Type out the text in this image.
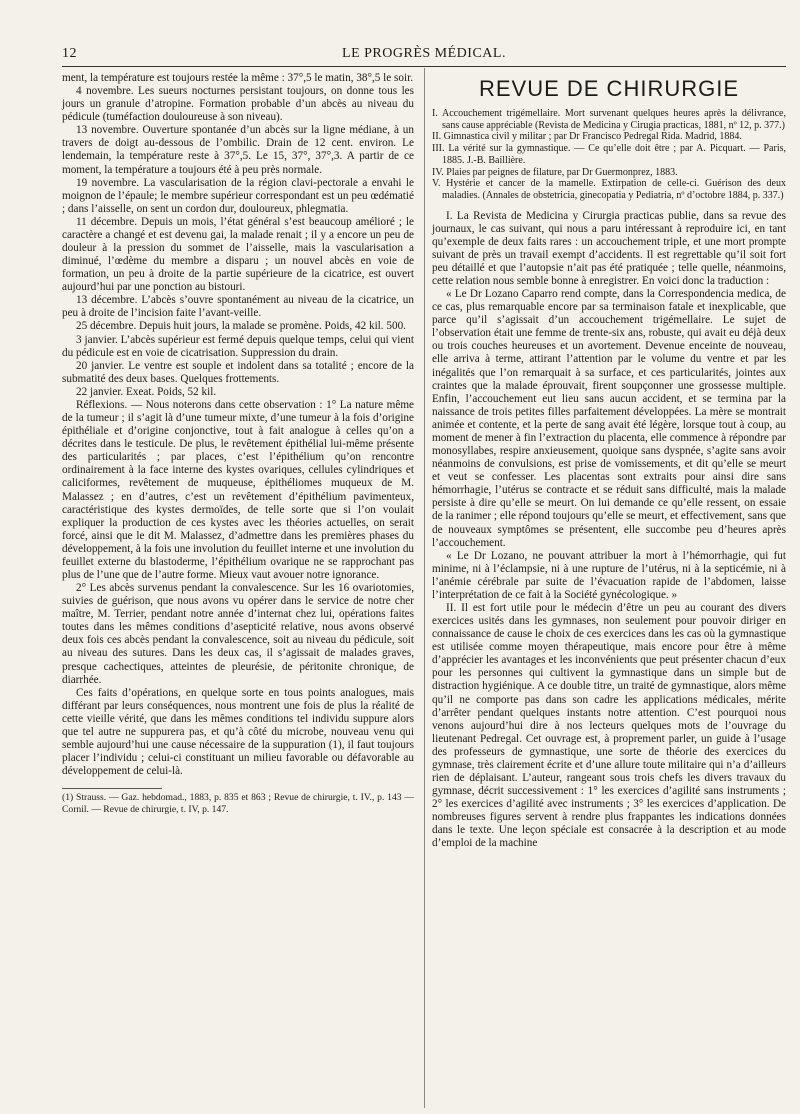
12	LE PROGRÈS MÉDICAL.

ment, la température est toujours restée la même : 37°,5 le matin, 38°,5 le soir.

4 novembre. Les sueurs nocturnes persistant toujours, on donne tous les jours un granule d’atropine. Formation probable d’un abcès au niveau du pédicule (tuméfaction douloureuse à son niveau).

13 novembre. Ouverture spontanée d’un abcès sur la ligne médiane, à un travers de doigt au-dessous de l’ombilic. Drain de 12 cent. environ. Le lendemain, la température reste à 37°,5. Le 15, 37°, 37°,3. A partir de ce moment, la température a toujours été à peu près normale.

19 novembre. La vascularisation de la région clavi-pectorale a envahi le moignon de l’épaule; le membre supérieur correspondant est un peu œdématié ; dans l’aisselle, on sent un cordon dur, douloureux, phlegmatia.

11 décembre. Depuis un mois, l’état général s’est beaucoup amélioré ; le caractère a changé et est devenu gai, la malade renait ; il y a encore un peu de douleur à la pression du sommet de l’aisselle, mais la vascularisation a diminué, l’œdème du membre a disparu ; un nouvel abcès en voie de formation, un peu à droite de la partie supérieure de la cicatrice, est ouvert aujourd’hui par une ponction au bistouri.

13 décembre. L’abcès s’ouvre spontanément au niveau de la cicatrice, un peu à droite de l’incision faite l’avant-veille.

25 décembre. Depuis huit jours, la malade se promène. Poids, 42 kil. 500.

3 janvier. L’abcès supérieur est fermé depuis quelque temps, celui qui vient du pédicule est en voie de cicatrisation. Suppression du drain.

20 janvier. Le ventre est souple et indolent dans sa totalité ; encore de la submatité des deux bases. Quelques frottements.

22 janvier. Exeat. Poids, 52 kil.

Réflexions. — Nous noterons dans cette observation : 1° La nature même de la tumeur ; il s’agit là d’une tumeur mixte, d’une tumeur à la fois d’origine épithéliale et d’origine conjonctive, tout à fait analogue à celles qu’on a décrites dans le testicule. De plus, le revêtement épithélial lui-même présente des particularités ; par places, c’est l’épithélium qu’on rencontre ordinairement à la face interne des kystes ovariques, cellules cylindriques et caliciformes, revêtement de muqueuse, épithéliomes muqueux de M. Malassez ; en d’autres, c’est un revêtement d’épithélium pavimenteux, caractéristique des kystes dermoïdes, de telle sorte que si l’on voulait expliquer la production de ces kystes avec les théories actuelles, on serait forcé, ainsi que le dit M. Malassez, d’admettre dans les premières phases du développement, à la fois une involution du feuillet interne et une involution du feuillet externe du blastoderme, l’épithélium ovarique ne se rapprochant pas plus de l’une que de l’autre forme. Mieux vaut avouer notre ignorance.

2° Les abcès survenus pendant la convalescence. Sur les 16 ovariotomies, suivies de guérison, que nous avons vu opérer dans le service de notre cher maître, M. Terrier, pendant notre année d’internat chez lui, opérations faites toutes dans les mêmes conditions d’asepticité relative, nous avons observé deux fois ces abcès pendant la convalescence, soit au niveau du pédicule, soit au niveau des sutures. Dans les deux cas, il s’agissait de malades graves, presque cachectiques, atteintes de pleurésie, de péritonite chronique, de diarrhée.

Ces faits d’opérations, en quelque sorte en tous points analogues, mais différant par leurs conséquences, nous montrent une fois de plus la réalité de cette vieille vérité, que dans les mêmes conditions tel individu suppure alors que tel autre ne suppurera pas, et qu’à côté du microbe, nouveau venu qui semble aujourd’hui une cause nécessaire de la suppuration (1), il faut toujours placer l’individu ; celui-ci constituant un milieu favorable ou défavorable au développement de celui-là.

(1) Strauss. — Gaz. hebdomad., 1883, p. 835 et 863 ; Revue de chirurgie, t. IV., p. 143 — Cornil. — Revue de chirurgie, t. IV, p. 147.

REVUE DE CHIRURGIE

I. Accouchement trigémellaire. Mort survenant quelques heures après la délivrance, sans cause appréciable (Revista de Medicina y Cirugia practicas, 1881, nº 12, p. 377.)

II. Gimnastica civil y militar ; par Dr Francisco Pedregal Rida. Madrid, 1884.

III. La vérité sur la gymnastique. — Ce qu’elle doit être ; par A. Picquart. — Paris, 1885. J.-B. Baillière.

IV. Plaies par peignes de filature, par Dr Guermonprez, 1883.

V. Hystérie et cancer de la mamelle. Extirpation de celle-ci. Guérison des deux maladies. (Annales de obstetricia, ginecopatia y Pediatria, nº d’octobre 1884, p. 337.)

I. La Revista de Medicina y Cirurgia practicas publie, dans sa revue des journaux, le cas suivant, qui nous a paru intéressant à reproduire ici, en tant qu’exemple de deux faits rares : un accouchement triple, et une mort prompte suivant de près un travail exempt d’accidents. Il est regrettable qu’il soit fort peu détaillé et que l’autopsie n’ait pas été pratiquée ; telle quelle, néanmoins, cette relation nous semble bonne à enregistrer. En voici donc la traduction :

« Le Dr Lozano Caparro rend compte, dans la Correspondencia medica, de ce cas, plus remarquable encore par sa terminaison fatale et inexplicable, que parce qu’il s’agissait d’un accouchement trigémellaire. Le sujet de l’observation était une femme de trente-six ans, robuste, qui avait eu déjà deux ou trois couches heureuses et un avortement. Devenue enceinte de nouveau, elle arriva à terme, attirant l’attention par le volume du ventre et par les inégalités que l’on remarquait à sa surface, et ces particularités, jointes aux craintes que la malade éprouvait, firent soupçonner une grossesse multiple. Enfin, l’accouchement eut lieu sans aucun accident, et se termina par la naissance de trois petites filles parfaitement développées. La mère se montrait animée et contente, et la perte de sang avait été légère, lorsque tout à coup, au moment de mener à fin l’extraction du placenta, elle commence à répondre par monosyllabes, respire anxieusement, quoique sans dyspnée, s’agite sans avoir néanmoins de convulsions, est prise de vomissements, et dit qu’elle se meurt et veut se confesser. Les placentas sont extraits pour ainsi dire sans hémorrhagie, l’utérus se contracte et se réduit sans difficulté, mais la malade persiste à dire qu’elle se meurt. On lui demande ce qu’elle ressent, on essaie de la ranimer ; elle répond toujours qu’elle se meurt, et effectivement, sans que de nouveaux symptômes se présentent, elle succombe peu d’heures après l’accouchement.

« Le Dr Lozano, ne pouvant attribuer la mort à l’hémorrhagie, qui fut minime, ni à l’éclampsie, ni à une rupture de l’utérus, ni à la septicémie, ni à l’anémie cérébrale par suite de l’évacuation rapide de l’abdomen, laisse l’interprétation de ce fait à la Société gynécologique. »

II. Il est fort utile pour le médecin d’être un peu au courant des divers exercices usités dans les gymnases, non seulement pour pouvoir diriger en connaissance de cause le choix de ces exercices dans les cas où la gymnastique est utilisée comme moyen thérapeutique, mais encore pour être à même d’apprécier les avantages et les inconvénients que peut présenter chacun d’eux pour les personnes qui cultivent la gymnastique dans un simple but de distraction hygiénique. A ce double titre, un traité de gymnastique, alors même qu’il ne comporte pas dans son cadre les applications médicales, mérite d’arrêter pendant quelques instants notre attention. C’est pourquoi nous venons aujourd’hui dire à nos lecteurs quelques mots de l’ouvrage du lieutenant Pedregal. Cet ouvrage est, à proprement parler, un guide à l’usage des professeurs de gymnastique, une sorte de théorie des exercices du gymnase, très clairement écrite et d’une allure toute militaire qui n’a d’ailleurs rien de déplaisant. L’auteur, rangeant sous trois chefs les divers travaux du gymnase, décrit successivement : 1° les exercices d’agilité sans instruments ; 2° les exercices d’agilité avec instruments ; 3° les exercices d’application. De nombreuses figures servent à rendre plus frappantes les indications données dans le texte. Une leçon spéciale est consacrée à la description et au mode d’emploi de la machine
